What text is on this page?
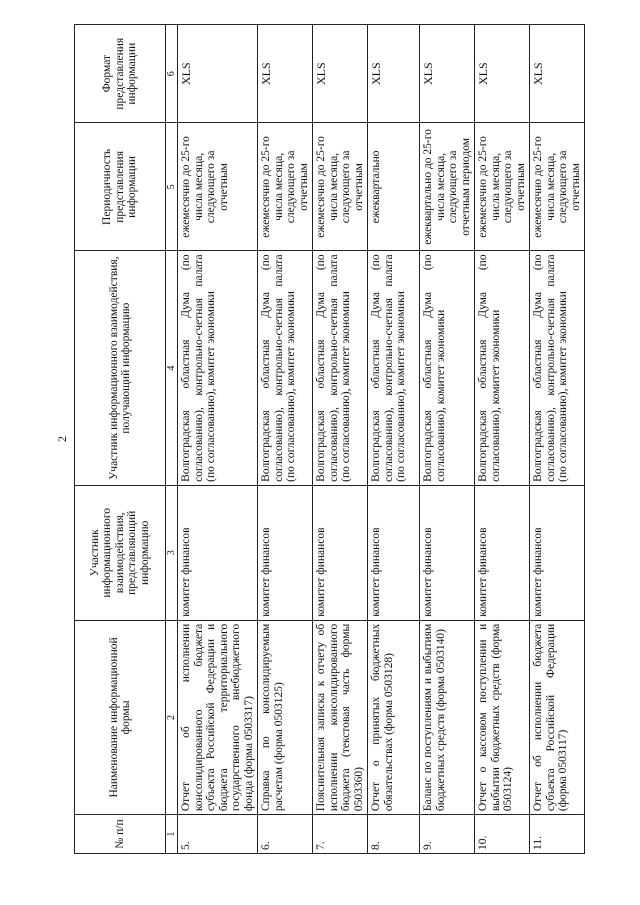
2
№ п/п	Наименование информационной формы	Участник информационного взаимодействия, представляющий информацию	Участник информационного взаимодействия, получающий информацию	Периодичность представления информации	Формат представления информации
1	2	3	4	5	6
5.	Отчет об исполнении консолидированного бюджета субъекта Российской Федерации и бюджета территориального государственного внебюджетного фонда (форма 0503317)	комитет финансов	Волгоградская областная Дума (по согласованию), контрольно-счетная палата (по согласованию), комитет экономики	ежемесячно до 25-го числа месяца, следующего за отчетным	XLS
6.	Справка по консолидируемым расчетам (форма 0503125)	комитет финансов	Волгоградская областная Дума (по согласованию), контрольно-счетная палата (по согласованию), комитет экономики	ежемесячно до 25-го числа месяца, следующего за отчетным	XLS
7.	Пояснительная записка к отчету об исполнении консолидированного бюджета (текстовая часть формы 0503360)	комитет финансов	Волгоградская областная Дума (по согласованию), контрольно-счетная палата (по согласованию), комитет экономики	ежемесячно до 25-го числа месяца, следующего за отчетным	XLS
8.	Отчет о принятых бюджетных обязательствах (форма 0503128)	комитет финансов	Волгоградская областная Дума (по согласованию), контрольно-счетная палата (по согласованию), комитет экономики	ежеквартально	XLS
9.	Баланс по поступлениям и выбытиям бюджетных средств (форма 0503140)	комитет финансов	Волгоградская областная Дума (по согласованию), комитет экономики	ежеквартально до 25-го числа месяца, следующего за отчетным периодом	XLS
10.	Отчет о кассовом поступлении и выбытии бюджетных средств (форма 0503124)	комитет финансов	Волгоградская областная Дума (по согласованию), комитет экономики	ежемесячно до 25-го числа месяца, следующего за отчетным	XLS
11.	Отчет об исполнении бюджета субъекта Российской Федерации (форма 0503117)	комитет финансов	Волгоградская областная Дума (по согласованию), контрольно-счетная палата (по согласованию), комитет экономики	ежемесячно до 25-го числа месяца, следующего за отчетным	XLS
